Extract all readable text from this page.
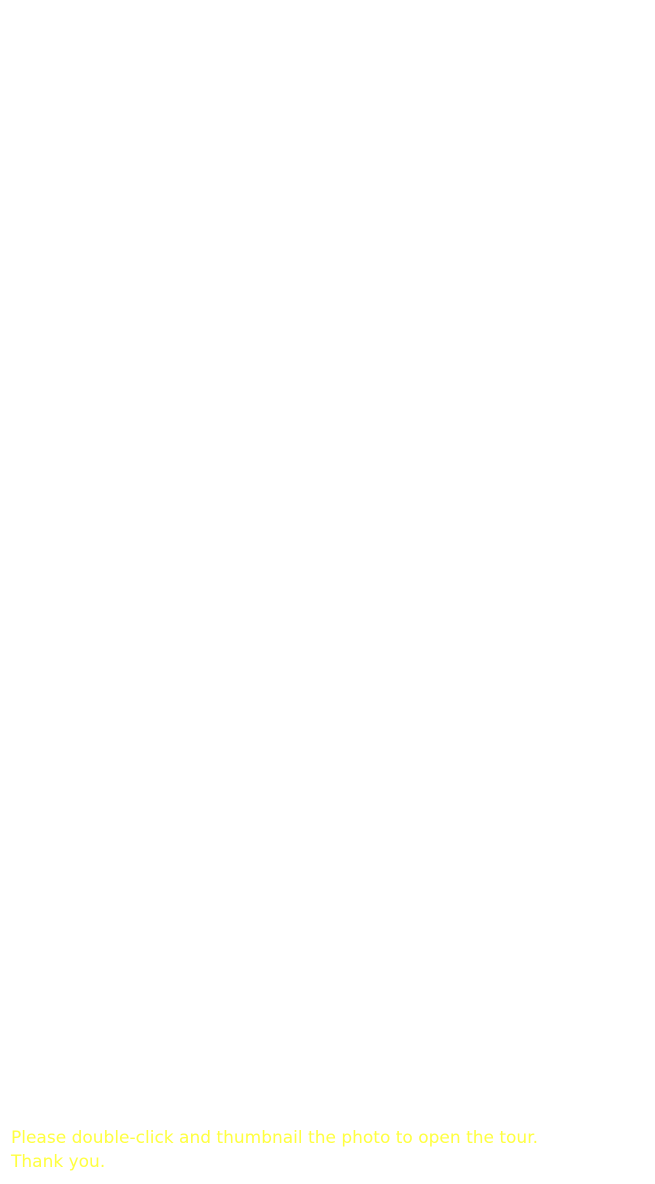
Please double-click and thumbnail the photo to open the tour.
Thank you.
